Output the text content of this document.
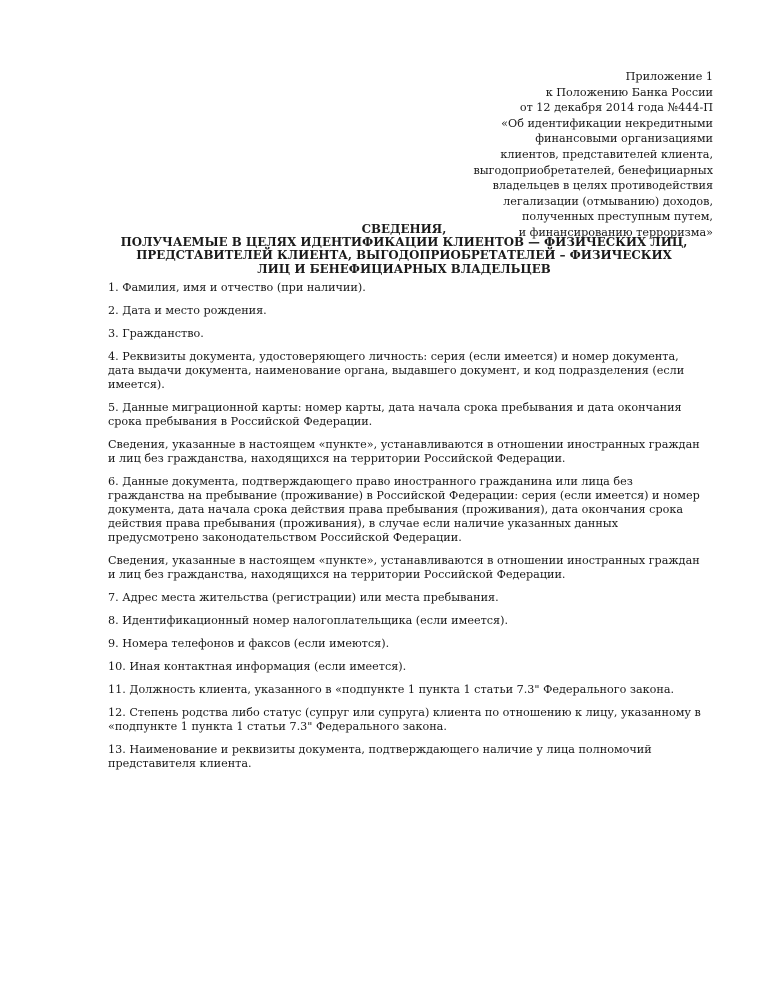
Приложение 1
к Положению Банка России
от 12 декабря 2014 года №444-П
«Об идентификации некредитными
финансовыми организациями
клиентов, представителей клиента,
выгодоприобретателей, бенефициарных
владельцев в целях противодействия
легализации (отмыванию) доходов,
полученных преступным путем,
и финансированию терроризма»
СВЕДЕНИЯ,
ПОЛУЧАЕМЫЕ В ЦЕЛЯХ ИДЕНТИФИКАЦИИ КЛИЕНТОВ — ФИЗИЧЕСКИХ ЛИЦ,
ПРЕДСТАВИТЕЛЕЙ КЛИЕНТА, ВЫГОДОПРИОБРЕТАТЕЛЕЙ – ФИЗИЧЕСКИХ
ЛИЦ И БЕНЕФИЦИАРНЫХ ВЛАДЕЛЬЦЕВ

1. Фамилия, имя и отчество (при наличии).

2. Дата и место рождения.

3. Гражданство.

4. Реквизиты документа, удостоверяющего личность: серия (если имеется) и номер документа,
дата выдачи документа, наименование органа, выдавшего документ, и код подразделения (если
имеется).

5. Данные миграционной карты: номер карты, дата начала срока пребывания и дата окончания
срока пребывания в Российской Федерации.

Сведения, указанные в настоящем «пункте», устанавливаются в отношении иностранных граждан
и лиц без гражданства, находящихся на территории Российской Федерации.

6. Данные документа, подтверждающего право иностранного гражданина или лица без
гражданства на пребывание (проживание) в Российской Федерации: серия (если имеется) и номер
документа, дата начала срока действия права пребывания (проживания), дата окончания срока
действия права пребывания (проживания), в случае если наличие указанных данных
предусмотрено законодательством Российской Федерации.

Сведения, указанные в настоящем «пункте», устанавливаются в отношении иностранных граждан
и лиц без гражданства, находящихся на территории Российской Федерации.

7. Адрес места жительства (регистрации) или места пребывания.

8. Идентификационный номер налогоплательщика (если имеется).

9. Номера телефонов и факсов (если имеются).

10. Иная контактная информация (если имеется).

11. Должность клиента, указанного в «подпункте 1 пункта 1 статьи 7.3" Федерального закона.

12. Степень родства либо статус (супруг или супруга) клиента по отношению к лицу, указанному в
«подпункте 1 пункта 1 статьи 7.3" Федерального закона.

13. Наименование и реквизиты документа, подтверждающего наличие у лица полномочий
представителя клиента.
